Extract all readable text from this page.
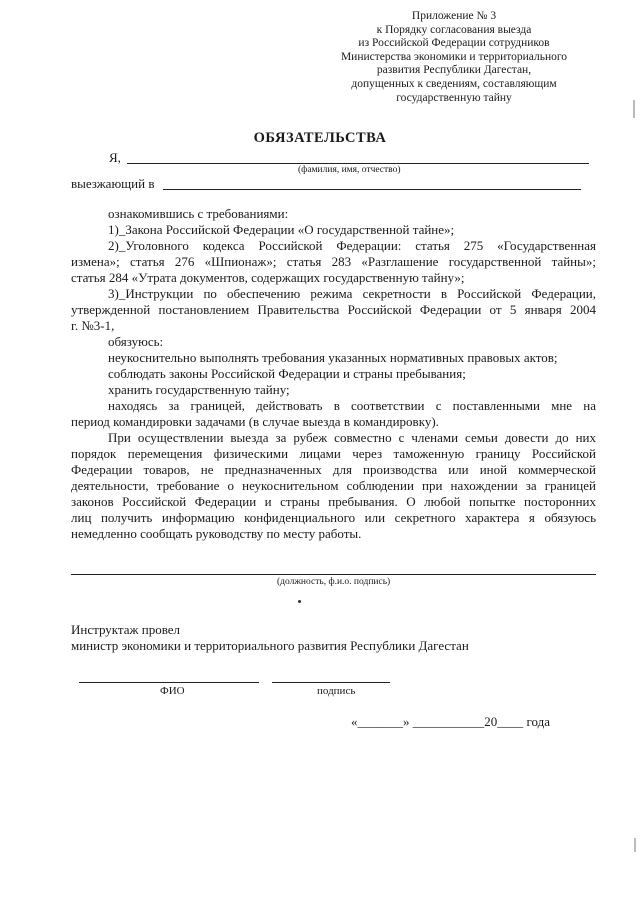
Приложение № 3
к Порядку согласования выезда
из Российской Федерации сотрудников
Министерства экономики и территориального
развития Республики Дагестан,
допущенных к сведениям, составляющим
государственную тайну
ОБЯЗАТЕЛЬСТВА
Я,
(фамилия, имя, отчество)
выезжающий в
ознакомившись с требованиями:
1)_Закона Российской Федерации «О государственной тайне»;
2)_Уголовного кодекса Российской Федерации: статья 275 «Государственная
измена»; статья 276 «Шпионаж»; статья 283 «Разглашение государственной тайны»;
статья 284 «Утрата документов, содержащих государственную тайну»;
3)_Инструкции по обеспечению режима секретности в Российской Федерации,
утвержденной постановлением Правительства Российской Федерации от 5 января 2004
г. №3-1,
обязуюсь:
неукоснительно выполнять требования указанных нормативных правовых актов;
соблюдать законы Российской Федерации и страны пребывания;
хранить государственную тайну;
находясь за границей, действовать в соответствии с поставленными мне на
период командировки задачами (в случае выезда в командировку).
При осуществлении выезда за рубеж совместно с членами семьи довести до них
порядок перемещения физическими лицами через таможенную границу Российской
Федерации товаров, не предназначенных для производства или иной коммерческой
деятельности, требование о неукоснительном соблюдении при нахождении за границей
законов Российской Федерации и страны пребывания. О любой попытке посторонних
лиц получить информацию конфиденциального или секретного характера я обязуюсь
немедленно сообщать руководству по месту работы.
(должность, ф.и.о. подпись)
Инструктаж провел
министр экономики и территориального развития Республики Дагестан
ФИО	подпись
«_______» ___________20____ года
